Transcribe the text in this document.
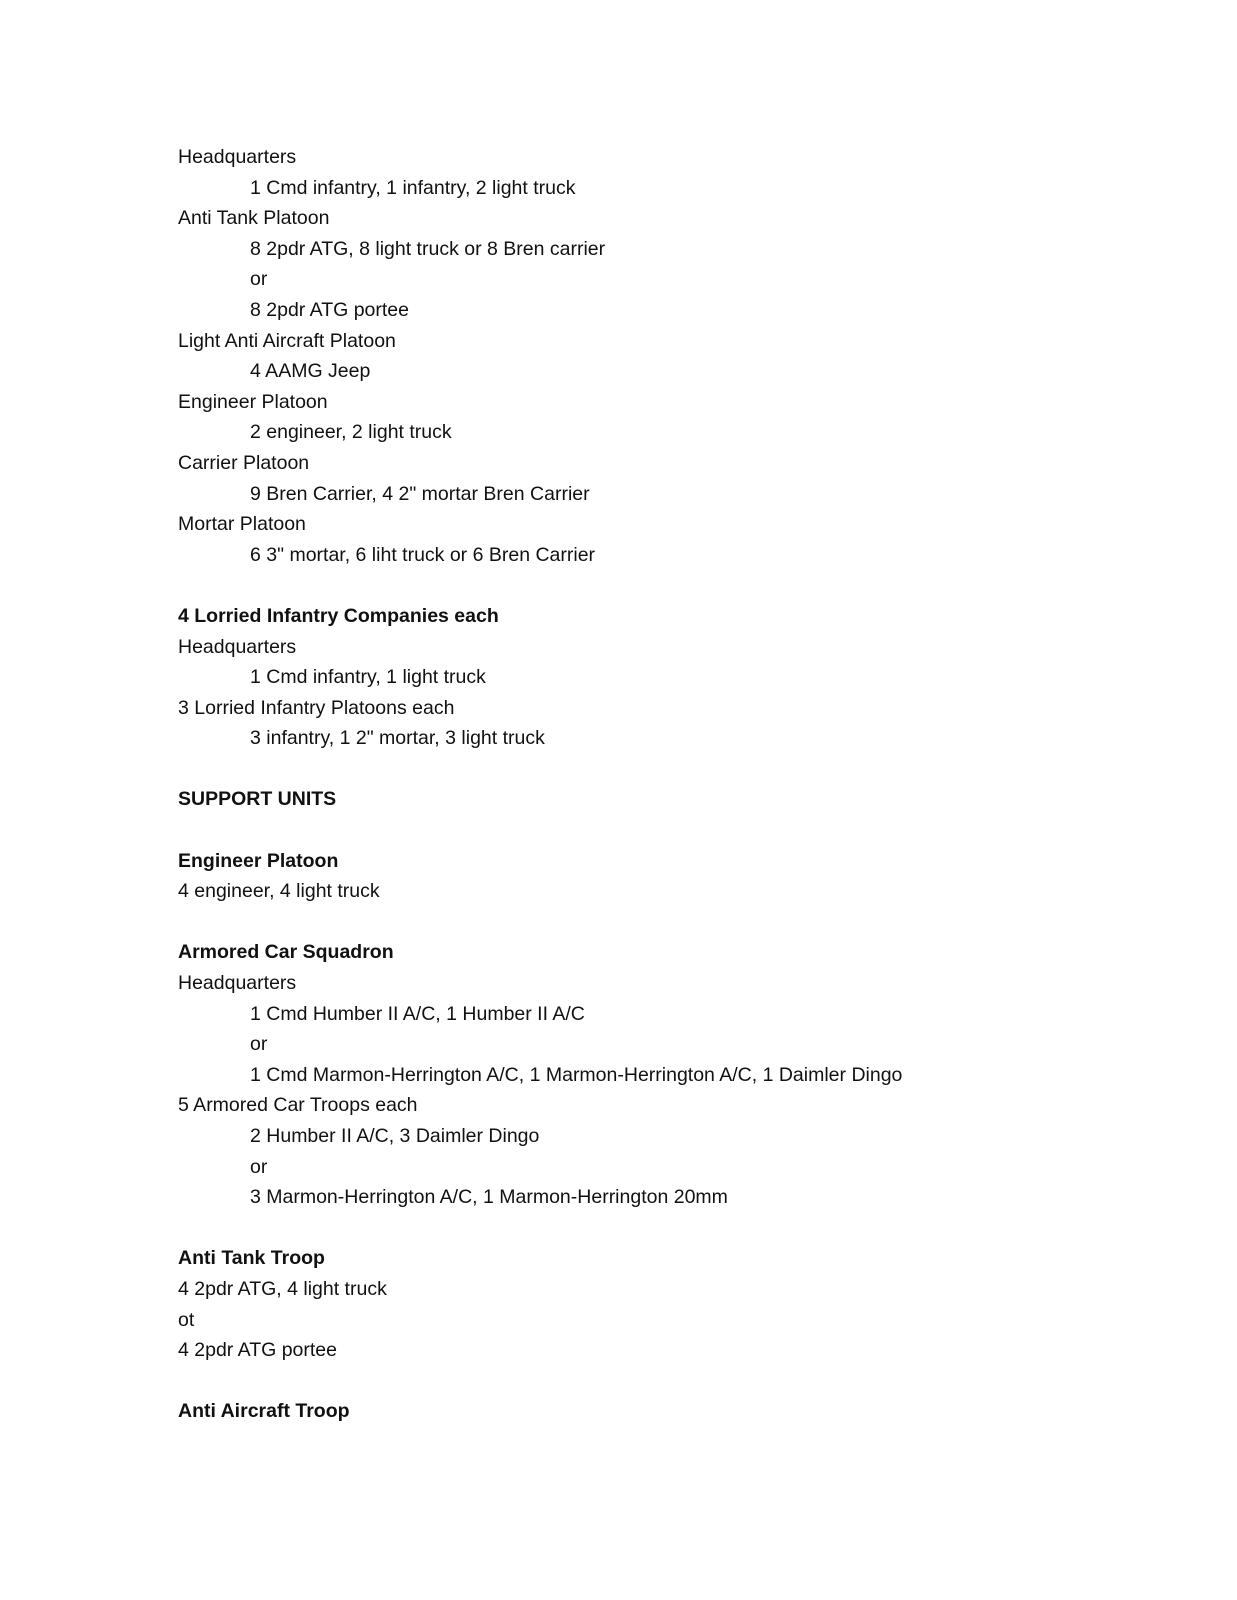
Headquarters
1 Cmd infantry, 1 infantry, 2 light truck
Anti Tank Platoon
8 2pdr ATG, 8 light truck or 8 Bren carrier
or
8 2pdr ATG portee
Light Anti Aircraft Platoon
4 AAMG Jeep
Engineer Platoon
2 engineer, 2 light truck
Carrier Platoon
9 Bren Carrier, 4 2" mortar Bren Carrier
Mortar Platoon
6 3" mortar, 6 liht truck or 6 Bren Carrier
4 Lorried Infantry Companies each
Headquarters
1 Cmd infantry, 1 light truck
3 Lorried Infantry Platoons each
3 infantry, 1 2" mortar, 3 light truck
SUPPORT UNITS
Engineer Platoon
4 engineer, 4 light truck
Armored Car Squadron
Headquarters
1 Cmd Humber II A/C, 1 Humber II A/C
or
1 Cmd Marmon-Herrington A/C, 1 Marmon-Herrington A/C, 1 Daimler Dingo
5 Armored Car Troops each
2 Humber II A/C, 3 Daimler Dingo
or
3 Marmon-Herrington A/C, 1 Marmon-Herrington 20mm
Anti Tank Troop
4 2pdr ATG, 4 light truck
ot
4 2pdr ATG portee
Anti Aircraft Troop
